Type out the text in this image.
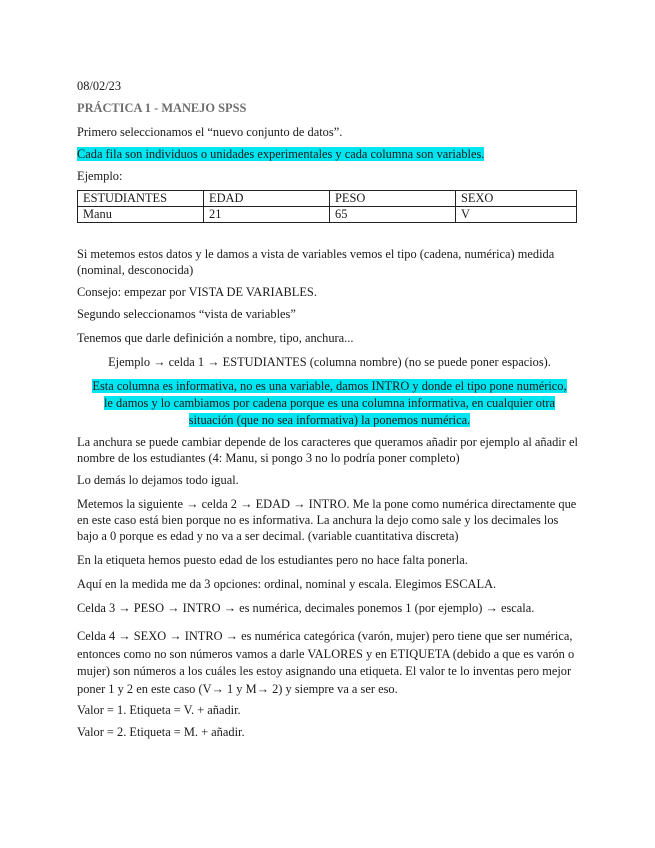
08/02/23
PRÁCTICA 1 - MANEJO SPSS
Primero seleccionamos el “nuevo conjunto de datos”.
Cada fila son individuos o unidades experimentales y cada columna son variables.
Ejemplo:
ESTUDIANTES	EDAD	PESO	SEXO
Manu	21	65	V
Si metemos estos datos y le damos a vista de variables vemos el tipo (cadena, numérica) medida (nominal, desconocida)
Consejo: empezar por VISTA DE VARIABLES.
Segundo seleccionamos “vista de variables”
Tenemos que darle definición a nombre, tipo, anchura...
Ejemplo → celda 1 → ESTUDIANTES (columna nombre) (no se puede poner espacios).
Esta columna es informativa, no es una variable, damos INTRO y donde el tipo pone numérico,
le damos y lo cambiamos por cadena porque es una columna informativa, en cualquier otra
situación (que no sea informativa) la ponemos numérica.
La anchura se puede cambiar depende de los caracteres que queramos añadir por ejemplo al añadir el nombre de los estudiantes (4: Manu, si pongo 3 no lo podría poner completo)
Lo demás lo dejamos todo igual.
Metemos la siguiente → celda 2 → EDAD → INTRO. Me la pone como numérica directamente que en este caso está bien porque no es informativa. La anchura la dejo como sale y los decimales los bajo a 0 porque es edad y no va a ser decimal. (variable cuantitativa discreta)
En la etiqueta hemos puesto edad de los estudiantes pero no hace falta ponerla.
Aquí en la medida me da 3 opciones: ordinal, nominal y escala. Elegimos ESCALA.
Celda 3 → PESO → INTRO → es numérica, decimales ponemos 1 (por ejemplo) → escala.
Celda 4 → SEXO → INTRO → es numérica categórica (varón, mujer) pero tiene que ser numérica, entonces como no son números vamos a darle VALORES y en ETIQUETA (debido a que es varón o mujer) son números a los cuáles les estoy asignando una etiqueta. El valor te lo inventas pero mejor poner 1 y 2 en este caso (V→ 1 y M→ 2) y siempre va a ser eso.
Valor = 1. Etiqueta = V. + añadir.
Valor = 2. Etiqueta = M. + añadir.
